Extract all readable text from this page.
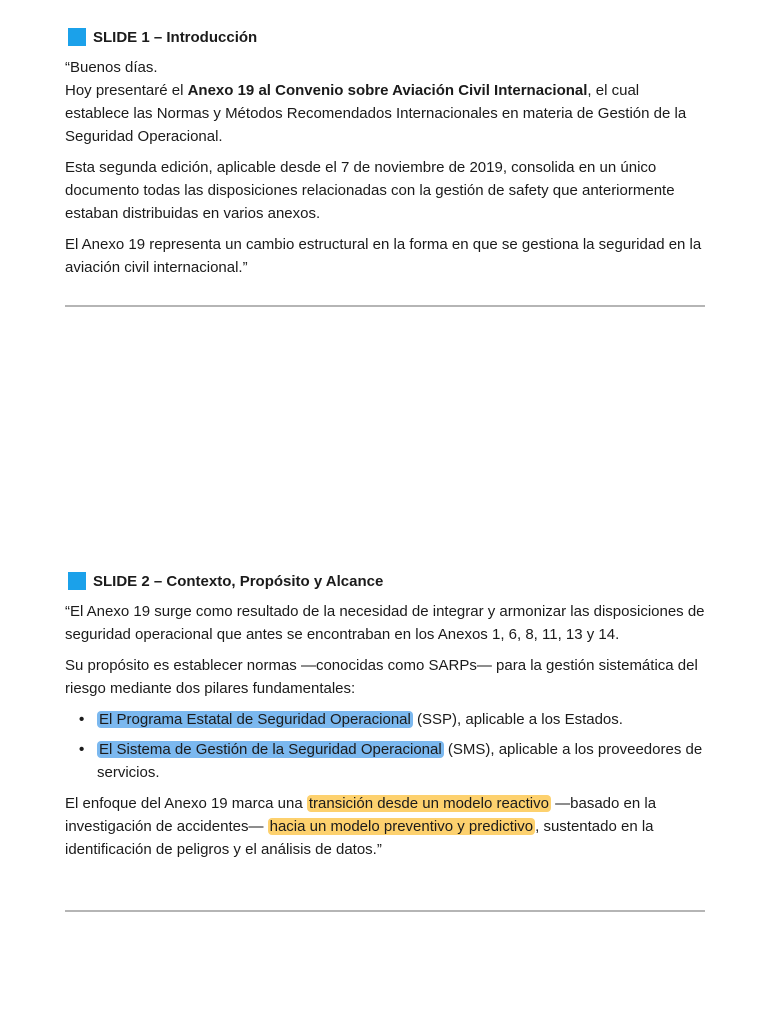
SLIDE 1 – Introducción

“Buenos días.
Hoy presentaré el Anexo 19 al Convenio sobre Aviación Civil Internacional, el cual establece las Normas y Métodos Recomendados Internacionales en materia de Gestión de la Seguridad Operacional.

Esta segunda edición, aplicable desde el 7 de noviembre de 2019, consolida en un único documento todas las disposiciones relacionadas con la gestión de safety que anteriormente estaban distribuidas en varios anexos.

El Anexo 19 representa un cambio estructural en la forma en que se gestiona la seguridad en la aviación civil internacional.”

SLIDE 2 – Contexto, Propósito y Alcance

“El Anexo 19 surge como resultado de la necesidad de integrar y armonizar las disposiciones de seguridad operacional que antes se encontraban en los Anexos 1, 6, 8, 11, 13 y 14.

Su propósito es establecer normas —conocidas como SARPs— para la gestión sistemática del riesgo mediante dos pilares fundamentales:

• El Programa Estatal de Seguridad Operacional (SSP), aplicable a los Estados.
• El Sistema de Gestión de la Seguridad Operacional (SMS), aplicable a los proveedores de servicios.

El enfoque del Anexo 19 marca una transición desde un modelo reactivo —basado en la investigación de accidentes— hacia un modelo preventivo y predictivo , sustentado en la identificación de peligros y el análisis de datos.”
